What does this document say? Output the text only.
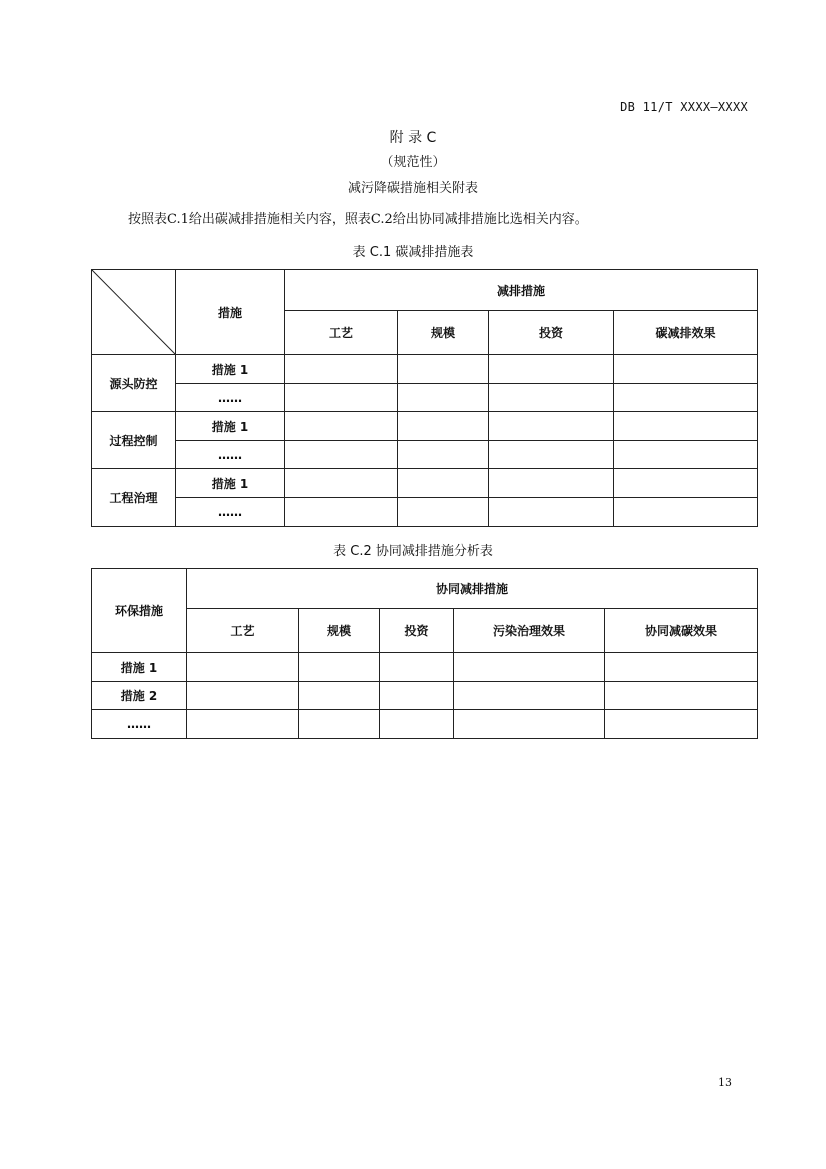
DB 11/T XXXX—XXXX
附 录 C
（规范性）
减污降碳措施相关附表
按照表C.1给出碳减排措施相关内容，照表C.2给出协同减排措施比选相关内容。
表 C.1 碳减排措施表
	措施	减排措施			
		工艺	规模	投资	碳减排效果
源头防控	措施 1				
	……				
过程控制	措施 1				
	……				
工程治理	措施 1				
	……				
表 C.2 协同减排措施分析表
环保措施	协同减排措施				
	工艺	规模	投资	污染治理效果	协同减碳效果
措施 1					
措施 2					
……					
13
